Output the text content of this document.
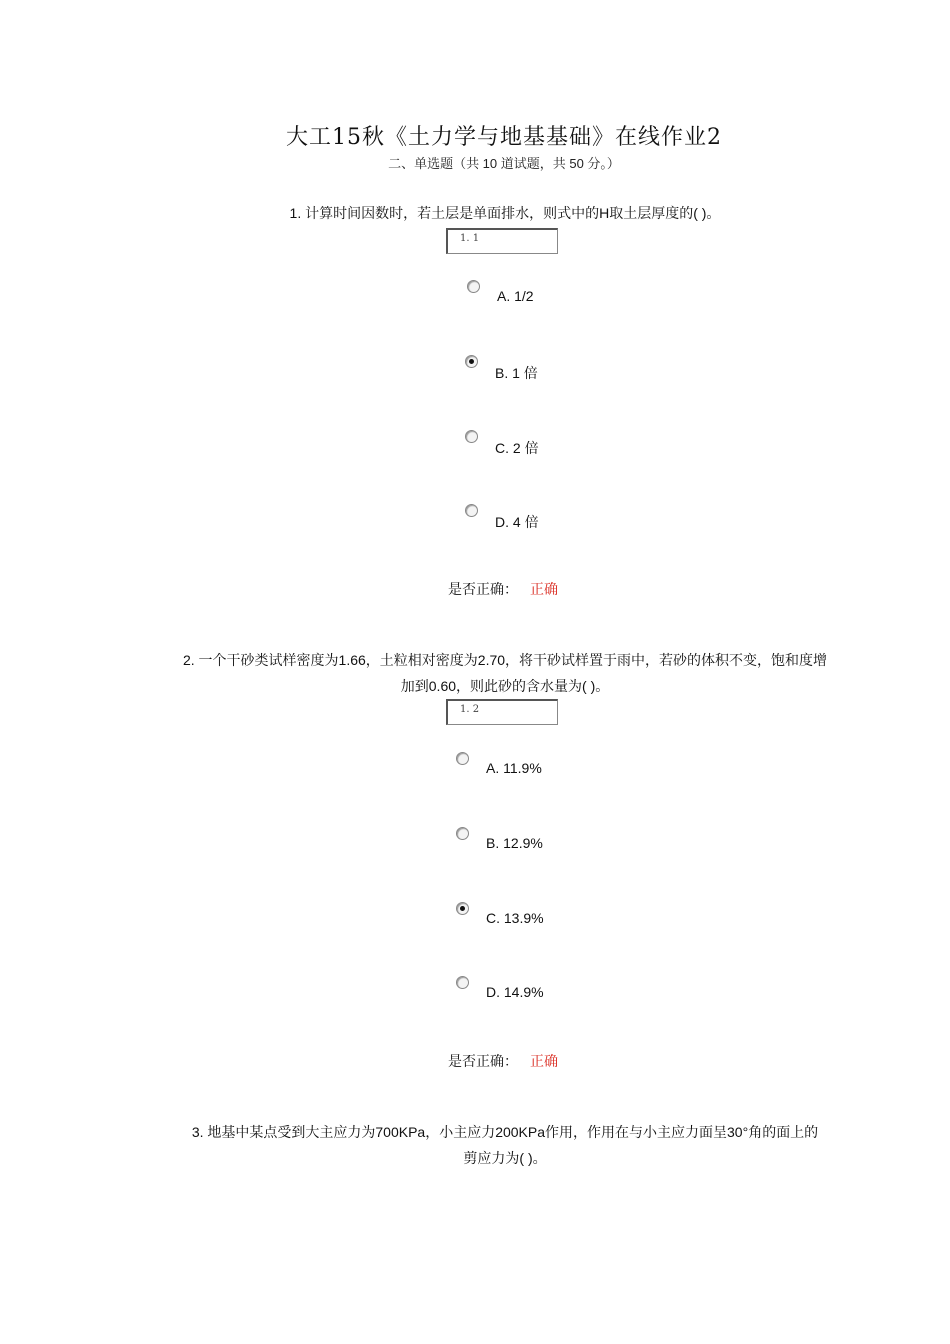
大工15秋《土力学与地基基础》在线作业2
二、单选题（共 10 道试题，共 50 分。）
1. 计算时间因数时，若土层是单面排水，则式中的H取土层厚度的( )。
1. 1
A. 1/2
B. 1 倍
C. 2 倍
D. 4 倍
是否正确： 正确
2. 一个干砂类试样密度为1.66，土粒相对密度为2.70，将干砂试样置于雨中，若砂的体积不变，饱和度增
加到0.60，则此砂的含水量为( )。
1. 2
A. 11.9%
B. 12.9%
C. 13.9%
D. 14.9%
是否正确： 正确
3. 地基中某点受到大主应力为700KPa，小主应力200KPa作用，作用在与小主应力面呈30°角的面上的
剪应力为( )。
